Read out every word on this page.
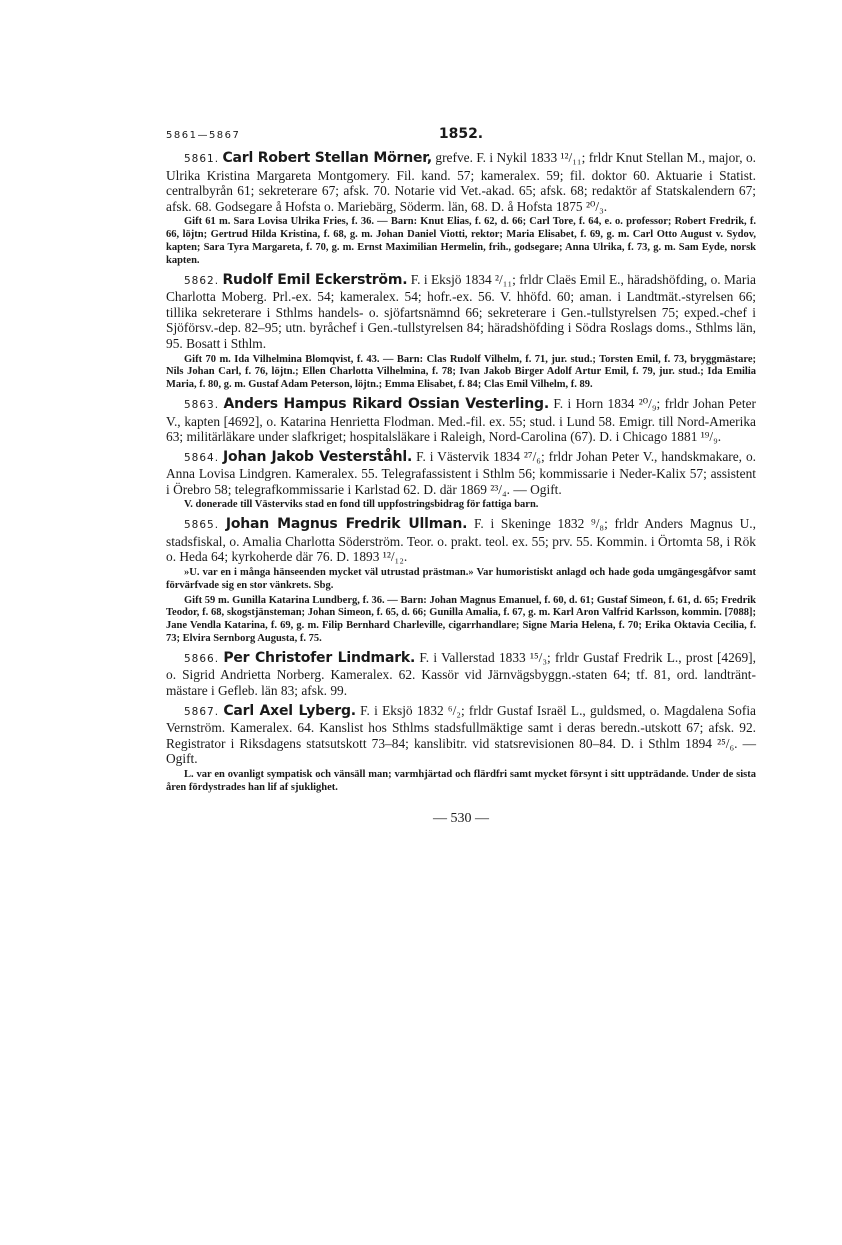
5861—5867	1852.

5861. Carl Robert Stellan Mörner, grefve. F. i Nykil 1833 ¹²/₁₁; frldr Knut Stellan M., major, o. Ulrika Kristina Margareta Montgomery. Fil. kand. 57; kameralex. 59; fil. doktor 60. Aktuarie i Statist. centralbyrån 61; sekreterare 67; afsk. 70. Notarie vid Vet.-akad. 65; afsk. 68; redaktör af Statskalendern 67; afsk. 68. Godsegare å Hofsta o. Mariebärg, Söderm. län, 68. D. å Hofsta 1875 ²⁰/₃.

Gift 61 m. Sara Lovisa Ulrika Fries, f. 36. — Barn: Knut Elias, f. 62, d. 66; Carl Tore, f. 64, e. o. professor; Robert Fredrik, f. 66, löjtn; Gertrud Hilda Kristina, f. 68, g. m. Johan Daniel Viotti, rektor; Maria Elisabet, f. 69, g. m. Carl Otto August v. Sydov, kapten; Sara Tyra Margareta, f. 70, g. m. Ernst Maximilian Hermelin, frih., godsegare; Anna Ulrika, f. 73, g. m. Sam Eyde, norsk kapten.

5862. Rudolf Emil Eckerström. F. i Eksjö 1834 ²/₁₁; frldr Claës Emil E., häradshöfding, o. Maria Charlotta Moberg. Prl.-ex. 54; kameralex. 54; hofr.-ex. 56. V. hhöfd. 60; aman. i Landtmät.-styrelsen 66; tillika sekreterare i Sthlms handels- o. sjöfartsnämnd 66; sekreterare i Gen.-tullstyrelsen 75; exped.-chef i Sjöförsv.-dep. 82–95; utn. byråchef i Gen.-tullstyrelsen 84; häradshöfding i Södra Roslags doms., Sthlms län, 95. Bosatt i Sthlm.

Gift 70 m. Ida Vilhelmina Blomqvist, f. 43. — Barn: Clas Rudolf Vilhelm, f. 71, jur. stud.; Torsten Emil, f. 73, bryggmästare; Nils Johan Carl, f. 76, löjtn.; Ellen Charlotta Vilhelmina, f. 78; Ivan Jakob Birger Adolf Artur Emil, f. 79, jur. stud.; Ida Emilia Maria, f. 80, g. m. Gustaf Adam Peterson, löjtn.; Emma Elisabet, f. 84; Clas Emil Vilhelm, f. 89.

5863. Anders Hampus Rikard Ossian Vesterling. F. i Horn 1834 ²⁰/₉; frldr Johan Peter V., kapten [4692], o. Katarina Henrietta Flodman. Med.-fil. ex. 55; stud. i Lund 58. Emigr. till Nord-Amerika 63; militärläkare under slafkriget; hospitalsläkare i Raleigh, Nord-Carolina (67). D. i Chicago 1881 ¹⁹/₉.

5864. Johan Jakob Vesterståhl. F. i Västervik 1834 ²⁷/₆; frldr Johan Peter V., handskmakare, o. Anna Lovisa Lindgren. Kameralex. 55. Telegrafassistent i Sthlm 56; kommissarie i Neder-Kalix 57; assistent i Örebro 58; telegrafkommissarie i Karlstad 62. D. där 1869 ²³/₄. — Ogift.

V. donerade till Västerviks stad en fond till uppfostringsbidrag för fattiga barn.

5865. Johan Magnus Fredrik Ullman. F. i Skeninge 1832 ⁹/₈; frldr Anders Magnus U., stadsfiskal, o. Amalia Charlotta Söderström. Teor. o. prakt. teol. ex. 55; prv. 55. Kommin. i Örtomta 58, i Rök o. Heda 64; kyrkoherde där 76. D. 1893 ¹²/₁₂.

»U. var en i många hänseenden mycket väl utrustad prästman.» Var humoristiskt anlagd och hade goda umgängesgåfvor samt förvärfvade sig en stor vänkrets. Sbg.

Gift 59 m. Gunilla Katarina Lundberg, f. 36. — Barn: Johan Magnus Emanuel, f. 60, d. 61; Gustaf Simeon, f. 61, d. 65; Fredrik Teodor, f. 68, skogstjänsteman; Johan Simeon, f. 65, d. 66; Gunilla Amalia, f. 67, g. m. Karl Aron Valfrid Karlsson, kommin. [7088]; Jane Vendla Katarina, f. 69, g. m. Filip Bernhard Charleville, cigarrhandlare; Signe Maria Helena, f. 70; Erika Oktavia Cecilia, f. 73; Elvira Sernborg Augusta, f. 75.

5866. Per Christofer Lindmark. F. i Vallerstad 1833 ¹⁵/₃; frldr Gustaf Fredrik L., prost [4269], o. Sigrid Andrietta Norberg. Kameralex. 62. Kassör vid Järnvägsbyggn.-staten 64; tf. 81, ord. landträntmästare i Gefleb. län 83; afsk. 99.

5867. Carl Axel Lyberg. F. i Eksjö 1832 ⁶/₂; frldr Gustaf Israël L., guldsmed, o. Magdalena Sofia Vernström. Kameralex. 64. Kanslist hos Sthlms stadsfullmäktige samt i deras beredn.-utskott 67; afsk. 92. Registrator i Riksdagens statsutskott 73–84; kanslibitr. vid statsrevisionen 80–84. D. i Sthlm 1894 ²⁵/₆. — Ogift.

L. var en ovanligt sympatisk och vänsäll man; varmhjärtad och flärdfri samt mycket försynt i sitt uppträdande. Under de sista åren fördystrades han lif af sjuklighet.

— 530 —
